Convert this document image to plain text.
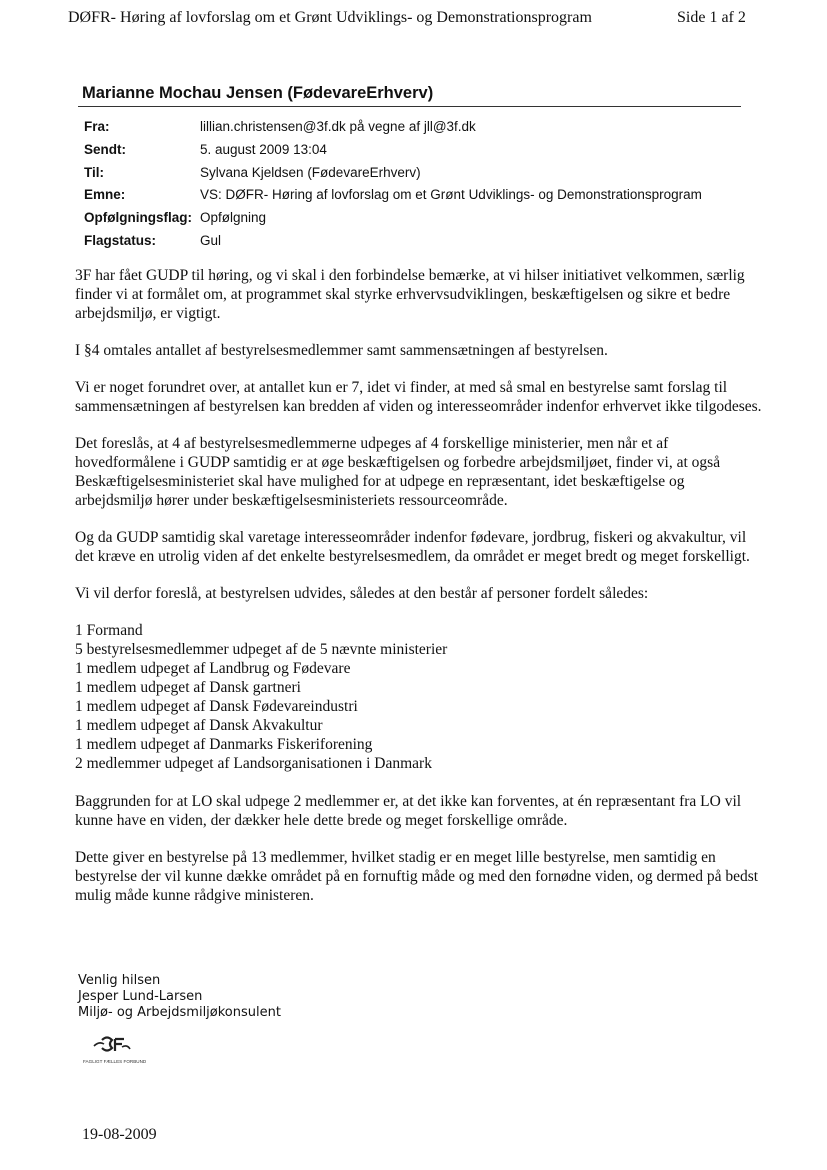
DØFR- Høring af lovforslag om et Grønt Udviklings- og Demonstrationsprogram	Side 1 af 2
Marianne Mochau Jensen (FødevareErhverv)
Fra:	lillian.christensen@3f.dk på vegne af jll@3f.dk
Sendt:	5. august 2009 13:04
Til:	Sylvana Kjeldsen (FødevareErhverv)
Emne:	VS: DØFR- Høring af lovforslag om et Grønt Udviklings- og Demonstrationsprogram
Opfølgningsflag:	Opfølgning
Flagstatus:	Gul

3F har fået GUDP til høring, og vi skal i den forbindelse bemærke, at vi hilser initiativet velkommen, særlig finder vi at formålet om, at programmet skal styrke erhvervsudviklingen, beskæftigelsen og sikre et bedre arbejdsmiljø, er vigtigt.

I §4 omtales antallet af bestyrelsesmedlemmer samt sammensætningen af bestyrelsen.

Vi er noget forundret over, at antallet kun er 7, idet vi finder, at med så smal en bestyrelse samt forslag til sammensætningen af bestyrelsen kan bredden af viden og interesseområder indenfor erhvervet ikke tilgodeses.

Det foreslås, at 4 af bestyrelsesmedlemmerne udpeges af 4 forskellige ministerier, men når et af hovedformålene i GUDP samtidig er at øge beskæftigelsen og forbedre arbejdsmiljøet, finder vi, at også Beskæftigelsesministeriet skal have mulighed for at udpege en repræsentant, idet beskæftigelse og arbejdsmiljø hører under beskæftigelsesministeriets ressourceområde.

Og da GUDP samtidig skal varetage interesseområder indenfor fødevare, jordbrug, fiskeri og akvakultur, vil det kræve en utrolig viden af det enkelte bestyrelsesmedlem, da området er meget bredt og meget forskelligt.

Vi vil derfor foreslå, at bestyrelsen udvides, således at den består af personer fordelt således:

1 Formand
5 bestyrelsesmedlemmer udpeget af de 5 nævnte ministerier
1 medlem udpeget af Landbrug og Fødevare
1 medlem udpeget af Dansk gartneri
1 medlem udpeget af Dansk Fødevareindustri
1 medlem udpeget af Dansk Akvakultur
1 medlem udpeget af Danmarks Fiskeriforening
2 medlemmer udpeget af Landsorganisationen i Danmark

Baggrunden for at LO skal udpege 2 medlemmer er, at det ikke kan forventes, at én repræsentant fra LO vil kunne have en viden, der dækker hele dette brede og meget forskellige område.

Dette giver en bestyrelse på 13 medlemmer, hvilket stadig er en meget lille bestyrelse, men samtidig en bestyrelse der vil kunne dække området på en fornuftig måde og med den fornødne viden, og dermed på bedst mulig måde kunne rådgive ministeren.

Venlig hilsen
Jesper Lund-Larsen
Miljø- og Arbejdsmiljøkonsulent
FAGLIGT FÆLLES FORBUND
19-08-2009
